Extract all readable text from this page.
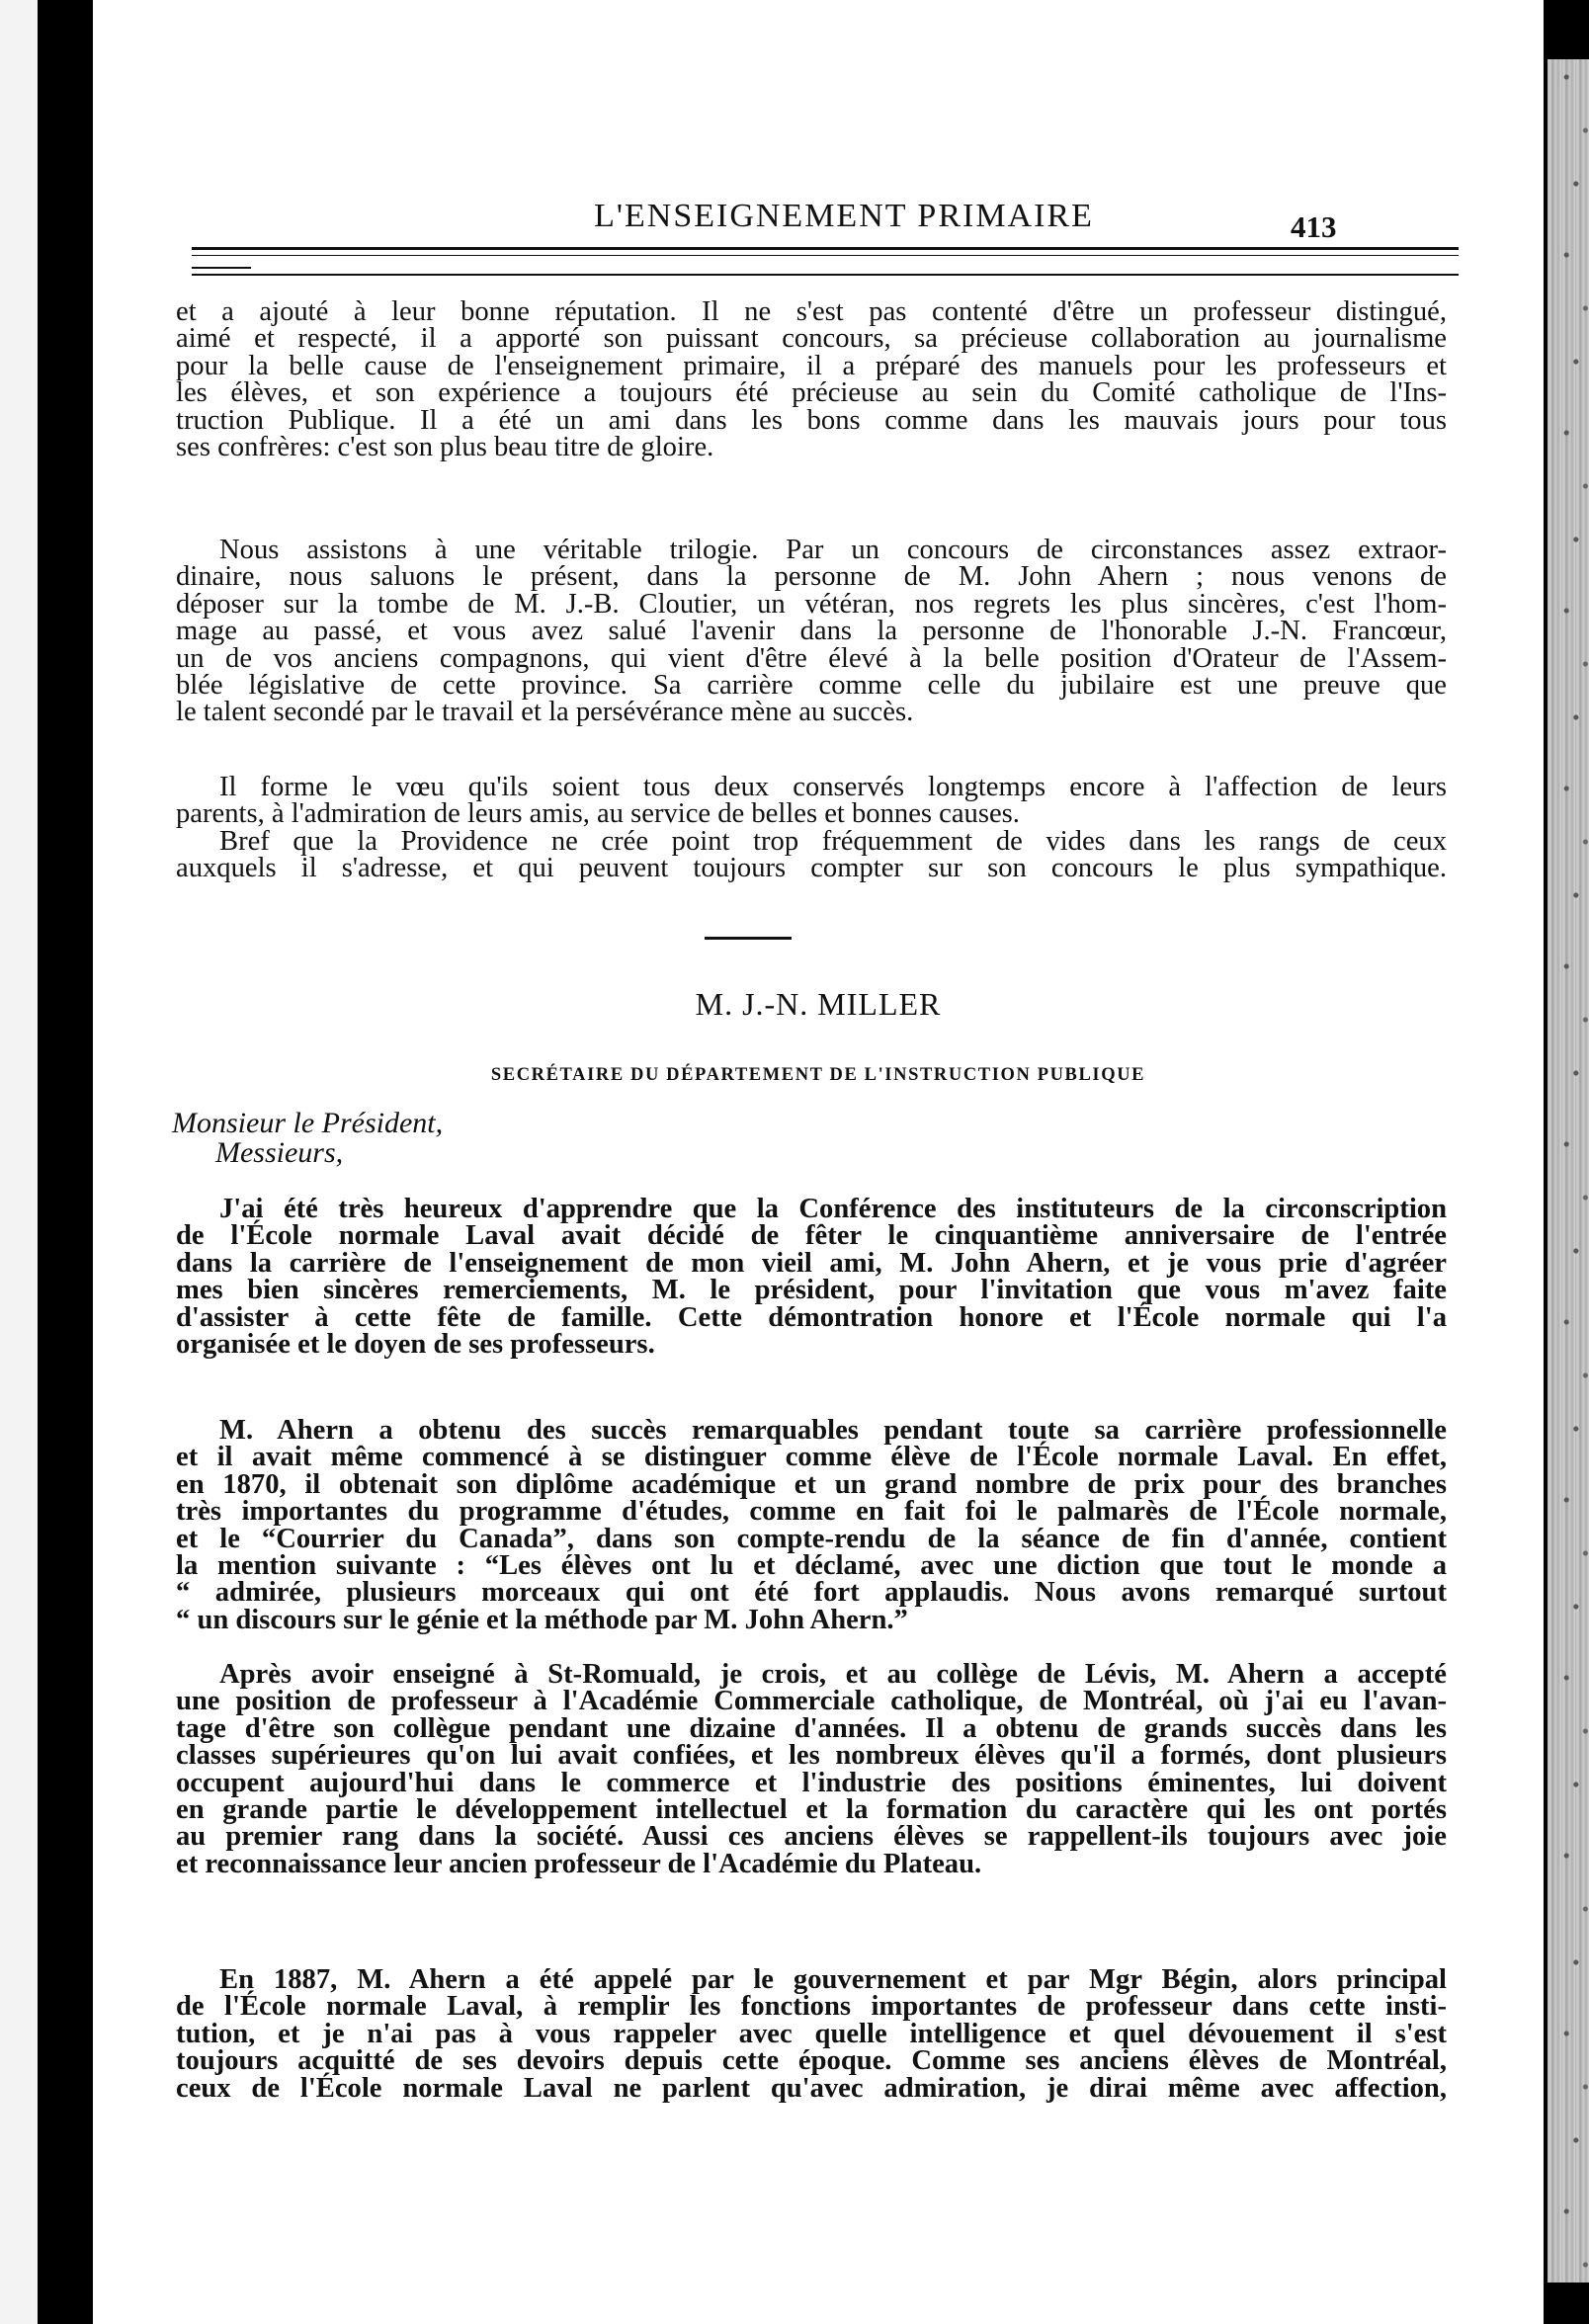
L'ENSEIGNEMENT PRIMAIRE	413
et a ajouté à leur bonne réputation. Il ne s'est pas contenté d'être un professeur distingué,
aimé et respecté, il a apporté son puissant concours, sa précieuse collaboration au journalisme
pour la belle cause de l'enseignement primaire, il a préparé des manuels pour les professeurs et
les élèves, et son expérience a toujours été précieuse au sein du Comité catholique de l'Ins-
truction Publique. Il a été un ami dans les bons comme dans les mauvais jours pour tous
ses confrères: c'est son plus beau titre de gloire.
Nous assistons à une véritable trilogie. Par un concours de circonstances assez extraor-
dinaire, nous saluons le présent, dans la personne de M. John Ahern ; nous venons de
déposer sur la tombe de M. J.-B. Cloutier, un vétéran, nos regrets les plus sincères, c'est l'hom-
mage au passé, et vous avez salué l'avenir dans la personne de l'honorable J.-N. Francœur,
un de vos anciens compagnons, qui vient d'être élevé à la belle position d'Orateur de l'Assem-
blée législative de cette province. Sa carrière comme celle du jubilaire est une preuve que
le talent secondé par le travail et la persévérance mène au succès.
Il forme le vœu qu'ils soient tous deux conservés longtemps encore à l'affection de leurs
parents, à l'admiration de leurs amis, au service de belles et bonnes causes.
Bref que la Providence ne crée point trop fréquemment de vides dans les rangs de ceux
auxquels il s'adresse, et qui peuvent toujours compter sur son concours le plus sympathique.
M. J.-N. MILLER
SECRÉTAIRE DU DÉPARTEMENT DE L'INSTRUCTION PUBLIQUE
Monsieur le Président,
Messieurs,
J'ai été très heureux d'apprendre que la Conférence des instituteurs de la circonscription
de l'École normale Laval avait décidé de fêter le cinquantième anniversaire de l'entrée
dans la carrière de l'enseignement de mon vieil ami, M. John Ahern, et je vous prie d'agréer
mes bien sincères remerciements, M. le président, pour l'invitation que vous m'avez faite
d'assister à cette fête de famille. Cette démontration honore et l'École normale qui l'a
organisée et le doyen de ses professeurs.
M. Ahern a obtenu des succès remarquables pendant toute sa carrière professionnelle
et il avait même commencé à se distinguer comme élève de l'École normale Laval. En effet,
en 1870, il obtenait son diplôme académique et un grand nombre de prix pour des branches
très importantes du programme d'études, comme en fait foi le palmarès de l'École normale,
et le “Courrier du Canada”, dans son compte-rendu de la séance de fin d'année, contient
la mention suivante : “Les élèves ont lu et déclamé, avec une diction que tout le monde a
“ admirée, plusieurs morceaux qui ont été fort applaudis. Nous avons remarqué surtout
“ un discours sur le génie et la méthode par M. John Ahern.”
Après avoir enseigné à St-Romuald, je crois, et au collège de Lévis, M. Ahern a accepté
une position de professeur à l'Académie Commerciale catholique, de Montréal, où j'ai eu l'avan-
tage d'être son collègue pendant une dizaine d'années. Il a obtenu de grands succès dans les
classes supérieures qu'on lui avait confiées, et les nombreux élèves qu'il a formés, dont plusieurs
occupent aujourd'hui dans le commerce et l'industrie des positions éminentes, lui doivent
en grande partie le développement intellectuel et la formation du caractère qui les ont portés
au premier rang dans la société. Aussi ces anciens élèves se rappellent-ils toujours avec joie
et reconnaissance leur ancien professeur de l'Académie du Plateau.
En 1887, M. Ahern a été appelé par le gouvernement et par Mgr Bégin, alors principal
de l'École normale Laval, à remplir les fonctions importantes de professeur dans cette insti-
tution, et je n'ai pas à vous rappeler avec quelle intelligence et quel dévouement il s'est
toujours acquitté de ses devoirs depuis cette époque. Comme ses anciens élèves de Montréal,
ceux de l'École normale Laval ne parlent qu'avec admiration, je dirai même avec affection,
